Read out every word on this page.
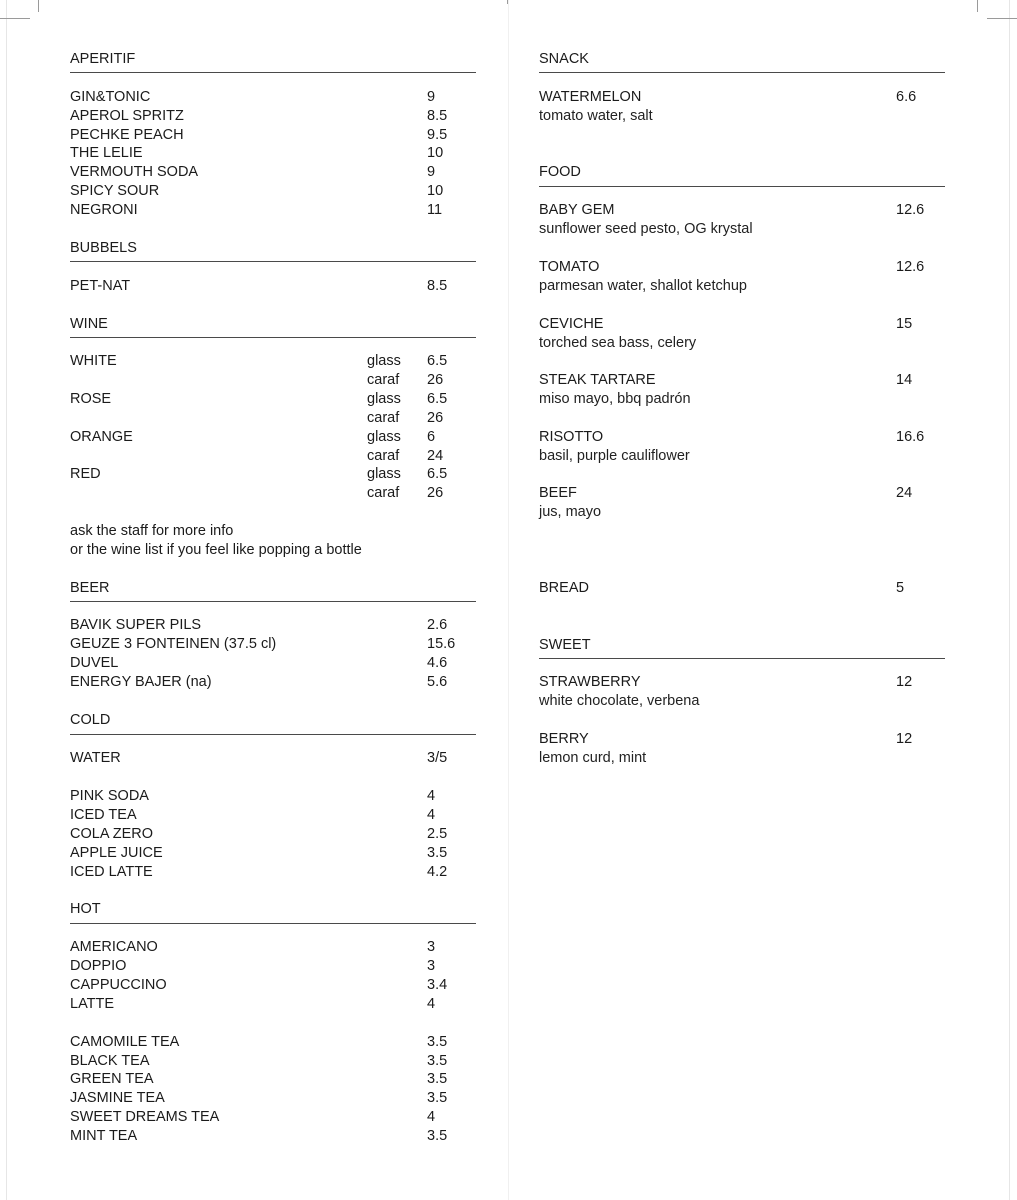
APERITIF
GIN&TONIC	9
APEROL SPRITZ	8.5
PECHKE PEACH	9.5
THE LELIE	10
VERMOUTH SODA	9
SPICY SOUR	10
NEGRONI	11
BUBBELS
PET-NAT	8.5
WINE
WHITE	glass 6.5
caraf 26
ROSE	glass 6.5
caraf 26
ORANGE	glass 6
caraf 24
RED	glass 6.5
caraf 26
ask the staff for more info
or the wine list if you feel like popping a bottle
BEER
BAVIK SUPER PILS	2.6
GEUZE 3 FONTEINEN (37.5 cl)	15.6
DUVEL	4.6
ENERGY BAJER (na)	5.6
COLD
WATER	3/5
PINK SODA	4
ICED TEA	4
COLA ZERO	2.5
APPLE JUICE	3.5
ICED LATTE	4.2
HOT
AMERICANO	3
DOPPIO	3
CAPPUCCINO	3.4
LATTE	4
CAMOMILE TEA	3.5
BLACK TEA	3.5
GREEN TEA	3.5
JASMINE TEA	3.5
SWEET DREAMS TEA	4
MINT TEA	3.5
SNACK
WATERMELON	6.6
tomato water, salt
FOOD
BABY GEM	12.6
sunflower seed pesto, OG krystal
TOMATO	12.6
parmesan water, shallot ketchup
CEVICHE	15
torched sea bass, celery
STEAK TARTARE	14
miso mayo, bbq padrón
RISOTTO	16.6
basil, purple cauliflower
BEEF	24
jus, mayo
BREAD	5
SWEET
STRAWBERRY	12
white chocolate, verbena
BERRY	12
lemon curd, mint
